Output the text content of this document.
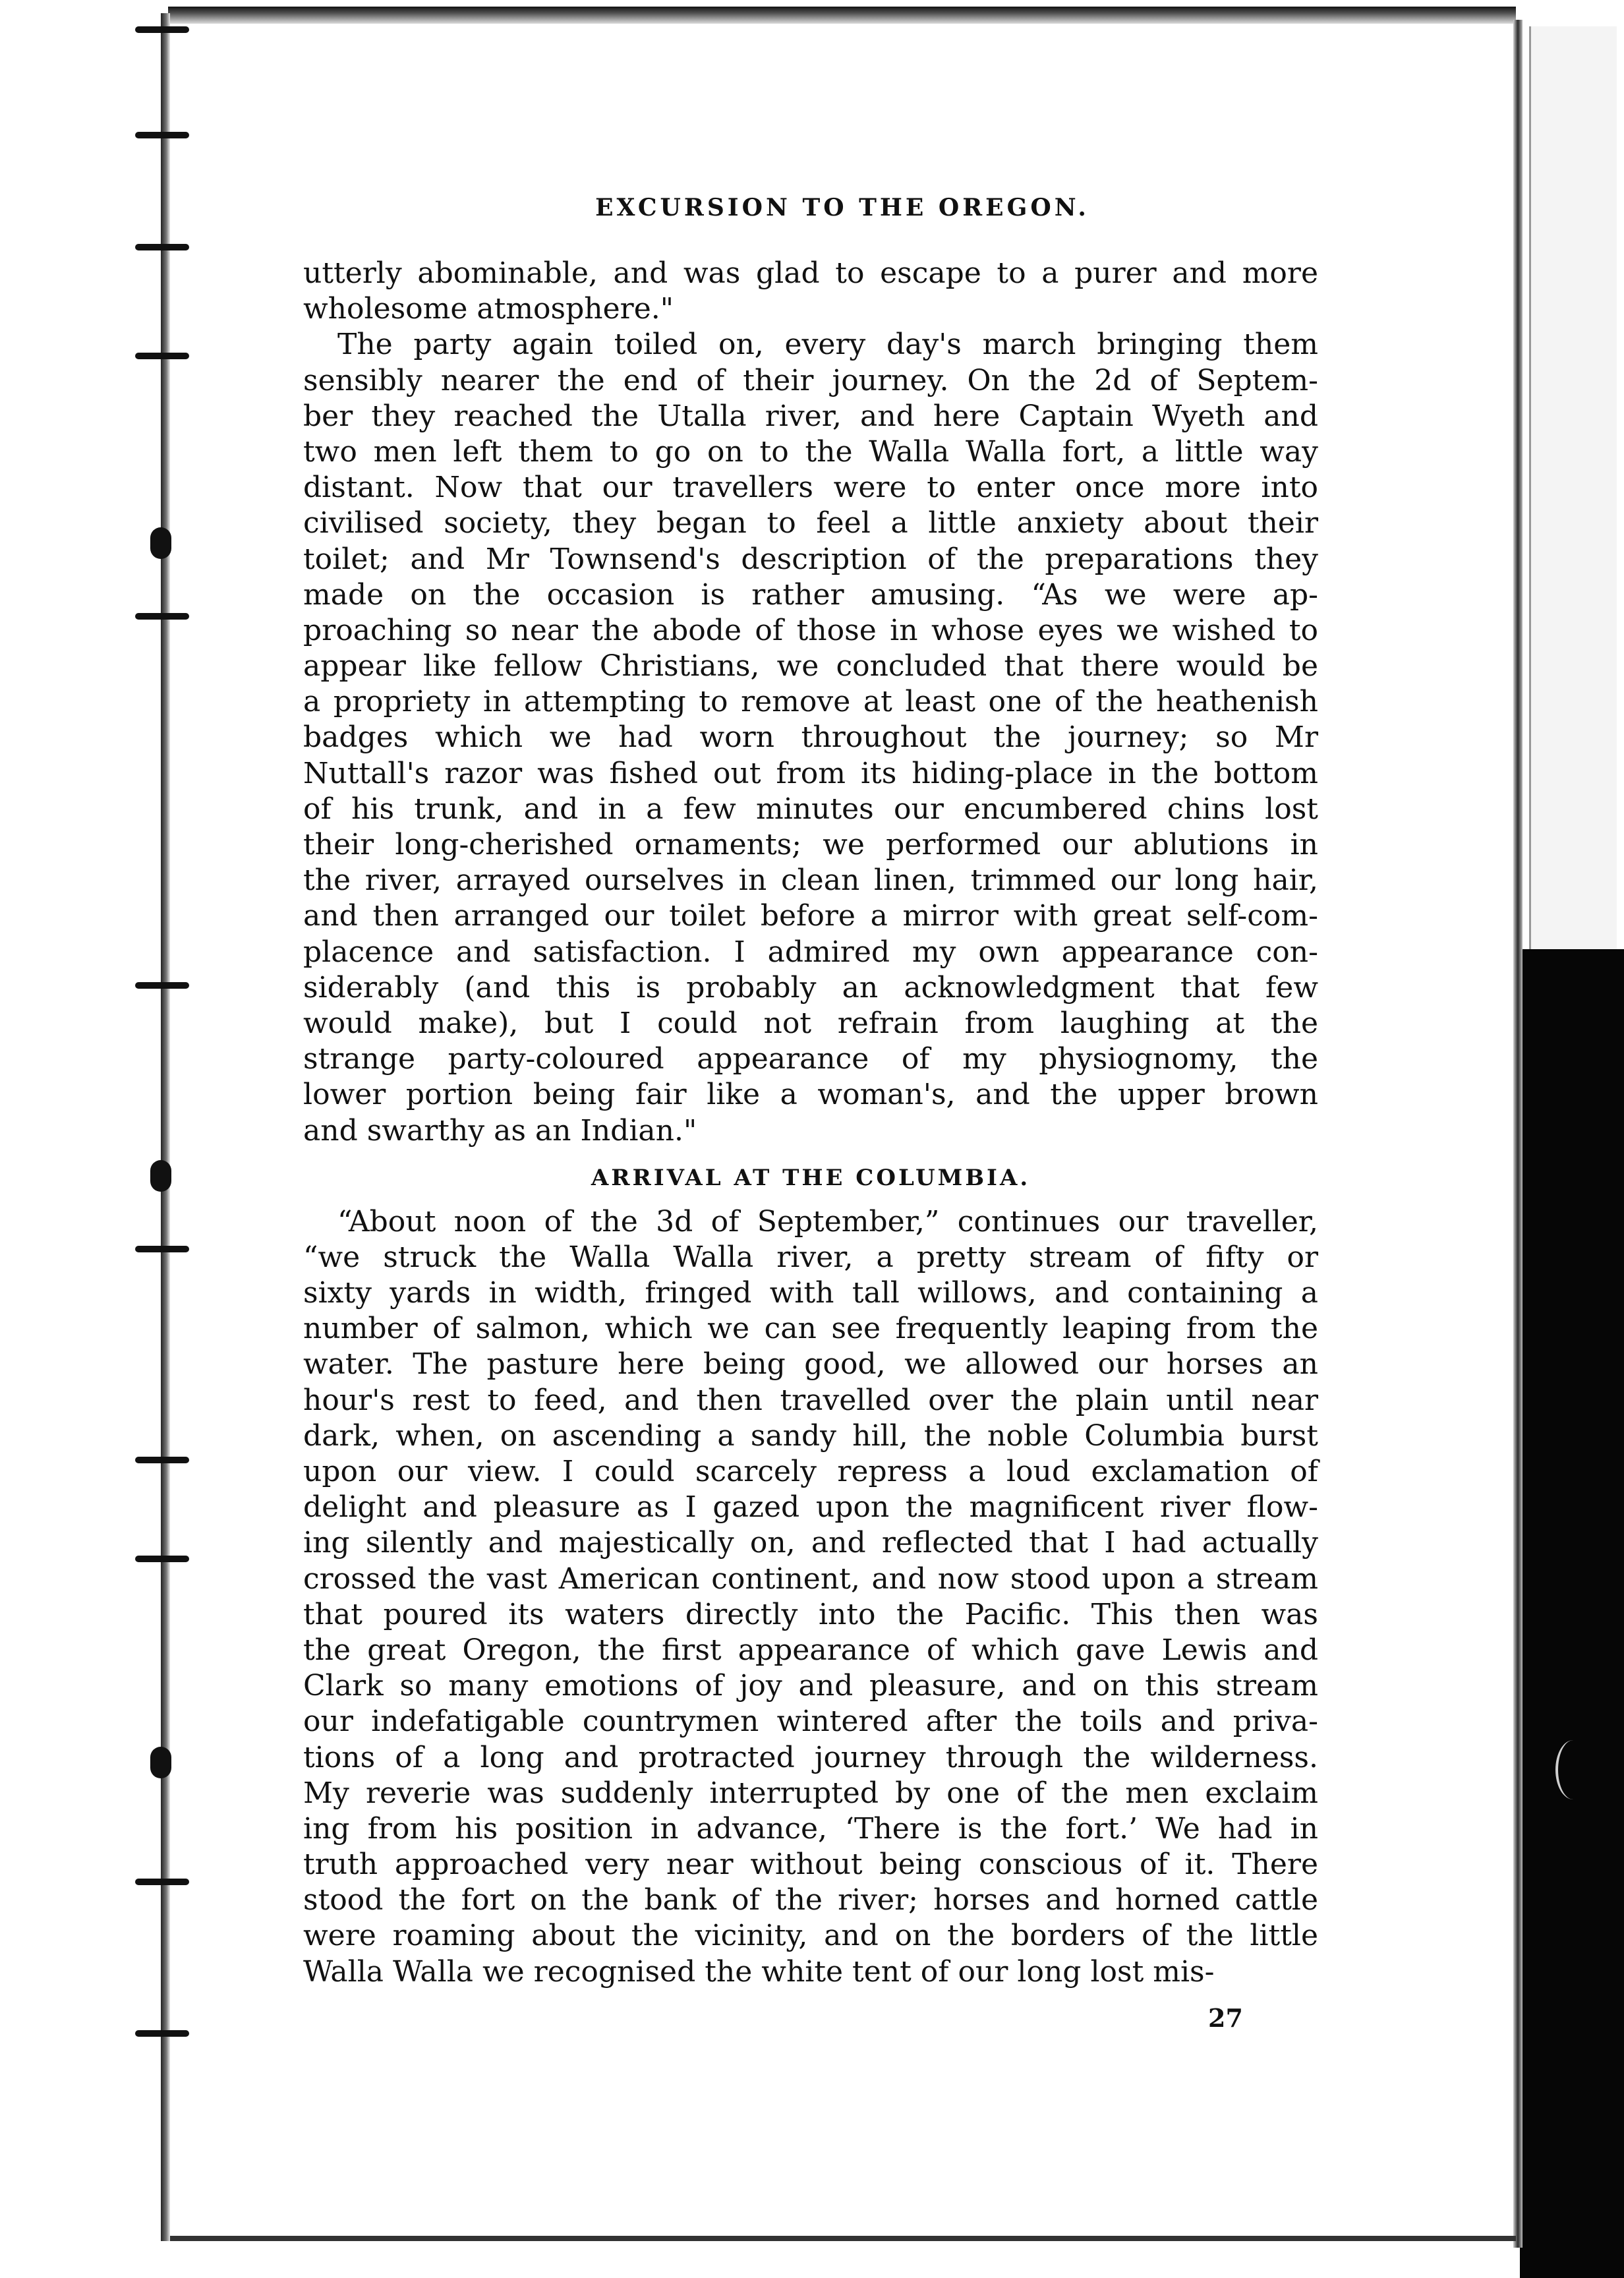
EXCURSION TO THE OREGON.
utterly abominable, and was glad to escape to a purer and more
wholesome atmosphere."
The party again toiled on, every day's march bringing them
sensibly nearer the end of their journey. On the 2d of Septem-
ber they reached the Utalla river, and here Captain Wyeth and
two men left them to go on to the Walla Walla fort, a little way
distant. Now that our travellers were to enter once more into
civilised society, they began to feel a little anxiety about their
toilet; and Mr Townsend's description of the preparations they
made on the occasion is rather amusing. “As we were ap-
proaching so near the abode of those in whose eyes we wished to
appear like fellow Christians, we concluded that there would be
a propriety in attempting to remove at least one of the heathenish
badges which we had worn throughout the journey; so Mr
Nuttall's razor was fished out from its hiding-place in the bottom
of his trunk, and in a few minutes our encumbered chins lost
their long-cherished ornaments; we performed our ablutions in
the river, arrayed ourselves in clean linen, trimmed our long hair,
and then arranged our toilet before a mirror with great self-com-
placence and satisfaction. I admired my own appearance con-
siderably (and this is probably an acknowledgment that few
would make), but I could not refrain from laughing at the
strange party-coloured appearance of my physiognomy, the
lower portion being fair like a woman's, and the upper brown
and swarthy as an Indian."
ARRIVAL AT THE COLUMBIA.
“About noon of the 3d of September,” continues our traveller,
“we struck the Walla Walla river, a pretty stream of fifty or
sixty yards in width, fringed with tall willows, and containing a
number of salmon, which we can see frequently leaping from the
water. The pasture here being good, we allowed our horses an
hour's rest to feed, and then travelled over the plain until near
dark, when, on ascending a sandy hill, the noble Columbia burst
upon our view. I could scarcely repress a loud exclamation of
delight and pleasure as I gazed upon the magnificent river flow-
ing silently and majestically on, and reflected that I had actually
crossed the vast American continent, and now stood upon a stream
that poured its waters directly into the Pacific. This then was
the great Oregon, the first appearance of which gave Lewis and
Clark so many emotions of joy and pleasure, and on this stream
our indefatigable countrymen wintered after the toils and priva-
tions of a long and protracted journey through the wilderness.
My reverie was suddenly interrupted by one of the men exclaim
ing from his position in advance, ‘There is the fort.’ We had in
truth approached very near without being conscious of it. There
stood the fort on the bank of the river; horses and horned cattle
were roaming about the vicinity, and on the borders of the little
Walla Walla we recognised the white tent of our long lost mis-
27
